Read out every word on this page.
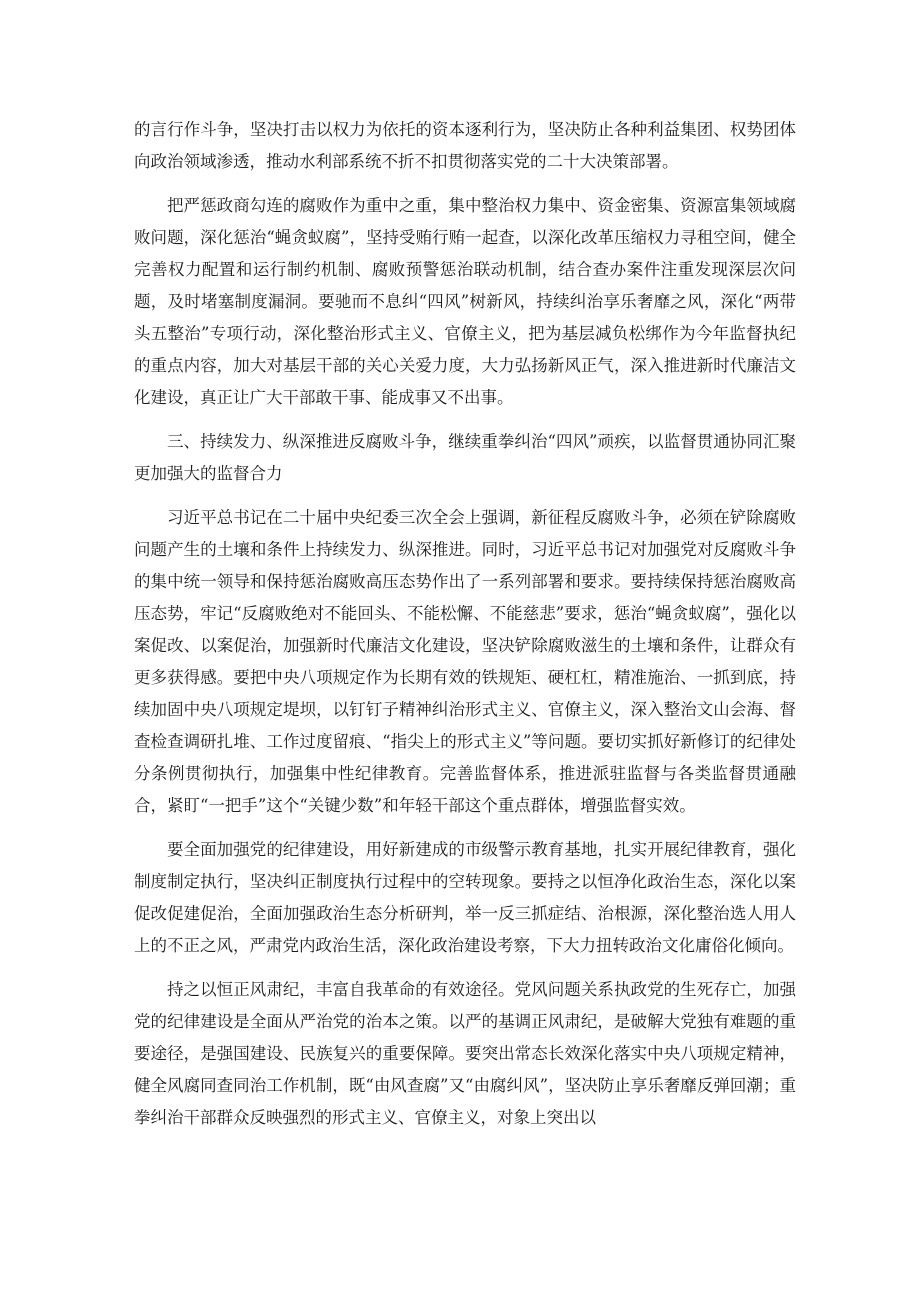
的言行作斗争，坚决打击以权力为依托的资本逐利行为，坚决防止各种利益集团、权势团体向政治领域渗透，推动水利部系统不折不扣贯彻落实党的二十大决策部署。

把严惩政商勾连的腐败作为重中之重，集中整治权力集中、资金密集、资源富集领域腐败问题，深化惩治“蝇贪蚁腐”，坚持受贿行贿一起查，以深化改革压缩权力寻租空间，健全完善权力配置和运行制约机制、腐败预警惩治联动机制，结合查办案件注重发现深层次问题，及时堵塞制度漏洞。要驰而不息纠“四风”树新风，持续纠治享乐奢靡之风，深化“两带头五整治”专项行动，深化整治形式主义、官僚主义，把为基层减负松绑作为今年监督执纪的重点内容，加大对基层干部的关心关爱力度，大力弘扬新风正气，深入推进新时代廉洁文化建设，真正让广大干部敢干事、能成事又不出事。

三、持续发力、纵深推进反腐败斗争，继续重拳纠治“四风”顽疾，以监督贯通协同汇聚更加强大的监督合力

习近平总书记在二十届中央纪委三次全会上强调，新征程反腐败斗争，必须在铲除腐败问题产生的土壤和条件上持续发力、纵深推进。同时，习近平总书记对加强党对反腐败斗争的集中统一领导和保持惩治腐败高压态势作出了一系列部署和要求。要持续保持惩治腐败高压态势，牢记“反腐败绝对不能回头、不能松懈、不能慈悲”要求，惩治“蝇贪蚁腐”，强化以案促改、以案促治，加强新时代廉洁文化建设，坚决铲除腐败滋生的土壤和条件，让群众有更多获得感。要把中央八项规定作为长期有效的铁规矩、硬杠杠，精准施治、一抓到底，持续加固中央八项规定堤坝，以钉钉子精神纠治形式主义、官僚主义，深入整治文山会海、督查检查调研扎堆、工作过度留痕、“指尖上的形式主义”等问题。要切实抓好新修订的纪律处分条例贯彻执行，加强集中性纪律教育。完善监督体系，推进派驻监督与各类监督贯通融合，紧盯“一把手”这个“关键少数”和年轻干部这个重点群体，增强监督实效。

要全面加强党的纪律建设，用好新建成的市级警示教育基地，扎实开展纪律教育，强化制度制定执行，坚决纠正制度执行过程中的空转现象。要持之以恒净化政治生态，深化以案促改促建促治，全面加强政治生态分析研判，举一反三抓症结、治根源，深化整治选人用人上的不正之风，严肃党内政治生活，深化政治建设考察，下大力扭转政治文化庸俗化倾向。

持之以恒正风肃纪，丰富自我革命的有效途径。党风问题关系执政党的生死存亡，加强党的纪律建设是全面从严治党的治本之策。以严的基调正风肃纪，是破解大党独有难题的重要途径，是强国建设、民族复兴的重要保障。要突出常态长效深化落实中央八项规定精神，健全风腐同查同治工作机制，既“由风查腐”又“由腐纠风”，坚决防止享乐奢靡反弹回潮；重拳纠治干部群众反映强烈的形式主义、官僚主义，对象上突出以
